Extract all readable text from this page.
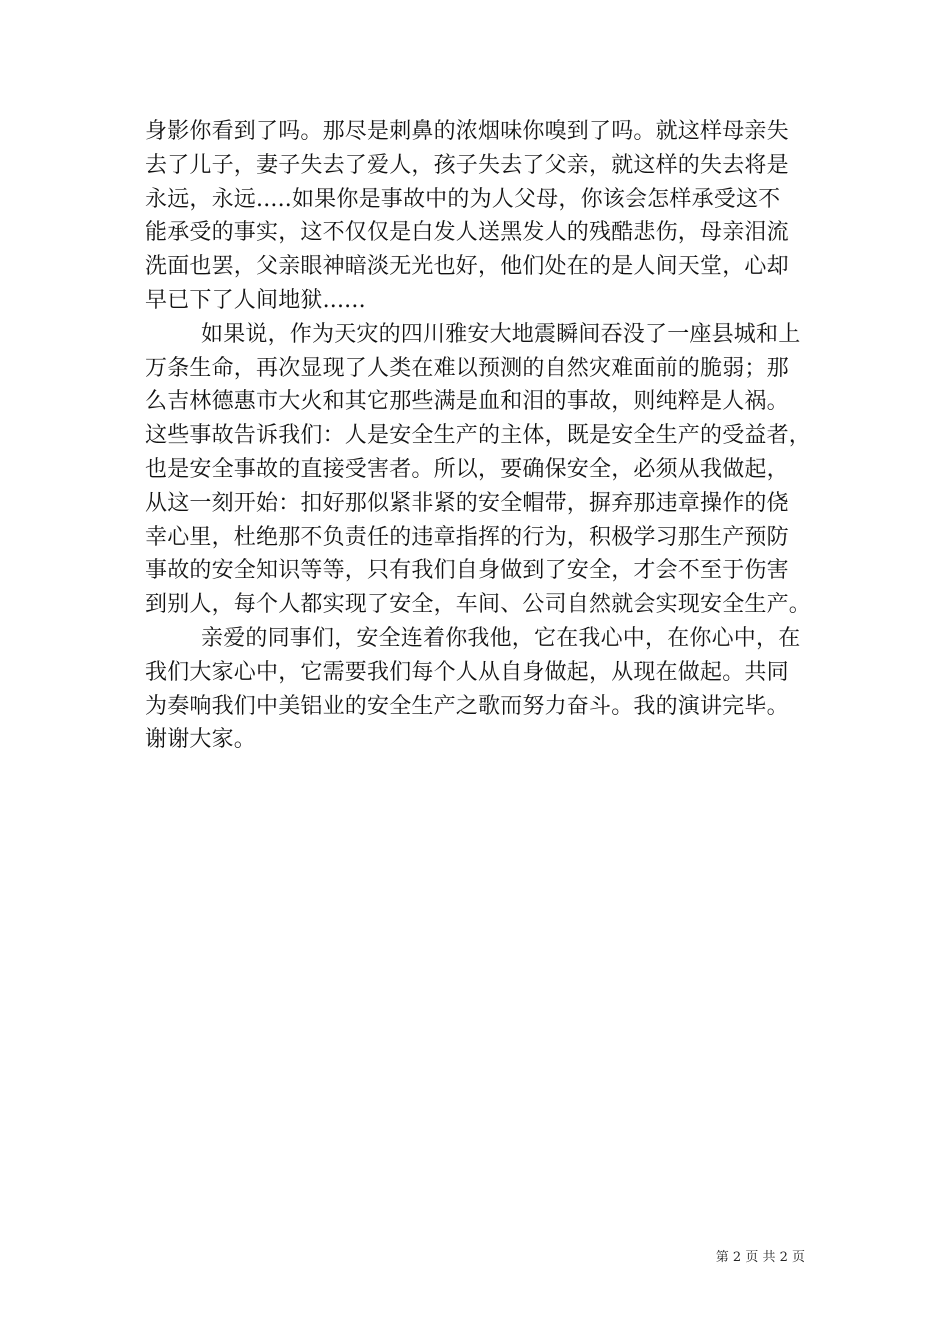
身影你看到了吗。那尽是刺鼻的浓烟味你嗅到了吗。就这样母亲失
去了儿子，妻子失去了爱人，孩子失去了父亲，就这样的失去将是
永远，永远.....如果你是事故中的为人父母，你该会怎样承受这不
能承受的事实，这不仅仅是白发人送黑发人的残酷悲伤，母亲泪流
洗面也罢，父亲眼神暗淡无光也好，他们处在的是人间天堂，心却
早已下了人间地狱......
如果说，作为天灾的四川雅安大地震瞬间吞没了一座县城和上
万条生命，再次显现了人类在难以预测的自然灾难面前的脆弱；那
么吉林德惠市大火和其它那些满是血和泪的事故，则纯粹是人祸。
这些事故告诉我们：人是安全生产的主体，既是安全生产的受益者，
也是安全事故的直接受害者。所以，要确保安全，必须从我做起，
从这一刻开始：扣好那似紧非紧的安全帽带，摒弃那违章操作的侥
幸心里，杜绝那不负责任的违章指挥的行为，积极学习那生产预防
事故的安全知识等等，只有我们自身做到了安全，才会不至于伤害
到别人，每个人都实现了安全，车间、公司自然就会实现安全生产。
亲爱的同事们，安全连着你我他，它在我心中，在你心中，在
我们大家心中，它需要我们每个人从自身做起，从现在做起。共同
为奏响我们中美铝业的安全生产之歌而努力奋斗。我的演讲完毕。
谢谢大家。
第 2 页 共 2 页
